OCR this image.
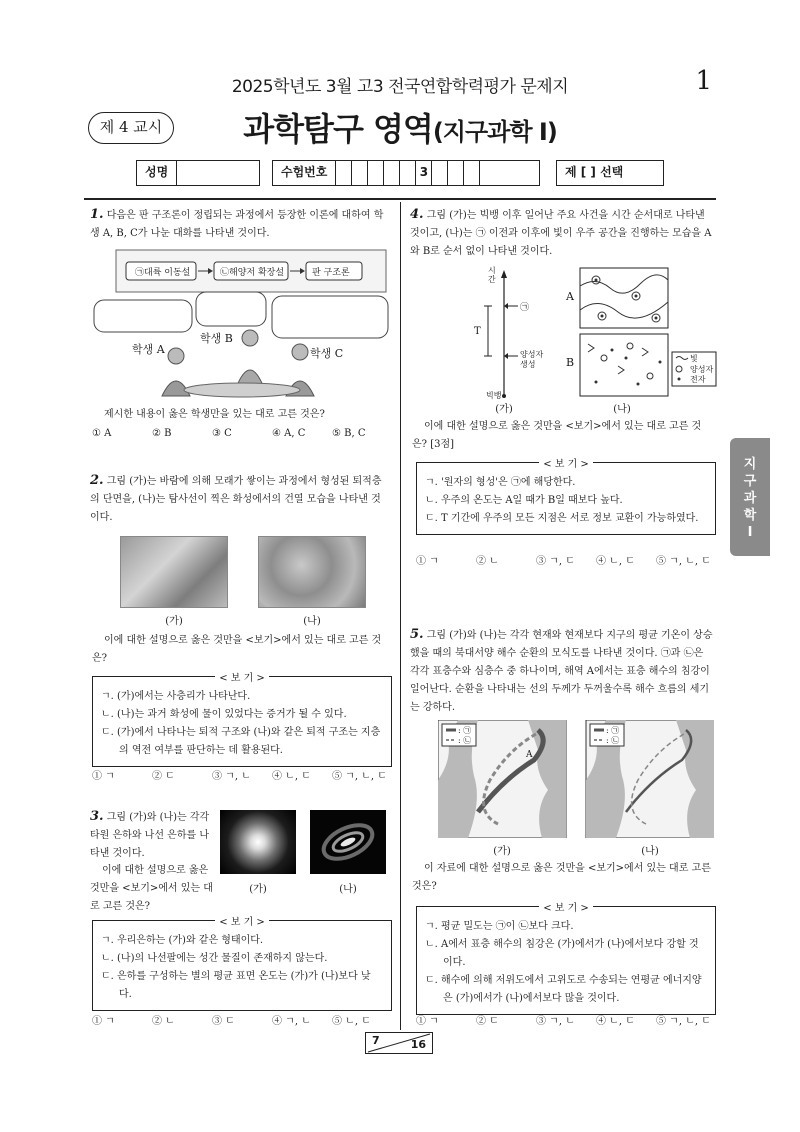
2025학년도 3월 고3 전국연합학력평가 문제지	1
제 4 교시	과학탐구 영역(지구과학 Ⅰ)
성명	수험번호	3	제 [ ] 선택
1. 다음은 판 구조론이 정립되는 과정에서 등장한 이론에 대하여 학생 A, B, C가 나눈 대화를 나타낸 것이다.
㉠대륙 이동설	㉡해양저 확장설	판 구조론
학생 A
학생 B
학생 C
제시한 내용이 옳은 학생만을 있는 대로 고른 것은?
① A	② B	③ C	④ A, C	⑤ B, C
2. 그림 (가)는 바람에 의해 모래가 쌓이는 과정에서 형성된 퇴적층의 단면을, (나)는 탐사선이 찍은 화성에서의 건열 모습을 나타낸 것이다.
(가)	(나)
이에 대한 설명으로 옳은 것만을 <보기>에서 있는 대로 고른 것은?
< 보 기 >
ㄱ. (가)에서는 사층리가 나타난다.
ㄴ. (나)는 과거 화성에 물이 있었다는 증거가 될 수 있다.
ㄷ. (가)에서 나타나는 퇴적 구조와 (나)와 같은 퇴적 구조는 지층의 역전 여부를 판단하는 데 활용된다.
① ㄱ	② ㄷ	③ ㄱ, ㄴ	④ ㄴ, ㄷ	⑤ ㄱ, ㄴ, ㄷ
3. 그림 (가)와 (나)는 각각 타원 은하와 나선 은하를 나타낸 것이다.
이에 대한 설명으로 옳은 것만을 <보기>에서 있는 대로 고른 것은?
(가)	(나)
< 보 기 >
ㄱ. 우리은하는 (가)와 같은 형태이다.
ㄴ. (나)의 나선팔에는 성간 물질이 존재하지 않는다.
ㄷ. 은하를 구성하는 별의 평균 표면 온도는 (가)가 (나)보다 낮다.
① ㄱ	② ㄴ	③ ㄷ	④ ㄱ, ㄴ	⑤ ㄴ, ㄷ
4. 그림 (가)는 빅뱅 이후 일어난 주요 사건을 시간 순서대로 나타낸 것이고, (나)는 ㉠ 이전과 이후에 빛이 우주 공간을 진행하는 모습을 A와 B로 순서 없이 나타낸 것이다.
시간
㉠
양성자 생성
T
빅뱅
A
B	빛
양성자
전자
(가)	(나)
이에 대한 설명으로 옳은 것만을 <보기>에서 있는 대로 고른 것은? [3점]
< 보 기 >
ㄱ. '원자의 형성'은 ㉠에 해당한다.
ㄴ. 우주의 온도는 A일 때가 B일 때보다 높다.
ㄷ. T 기간에 우주의 모든 지점은 서로 정보 교환이 가능하였다.
① ㄱ	② ㄴ	③ ㄱ, ㄷ	④ ㄴ, ㄷ	⑤ ㄱ, ㄴ, ㄷ
지
구
과
학
Ⅰ
5. 그림 (가)와 (나)는 각각 현재와 현재보다 지구의 평균 기온이 상승했을 때의 북대서양 해수 순환의 모식도를 나타낸 것이다. ㉠과 ㉡은 각각 표층수와 심층수 중 하나이며, 해역 A에서는 표층 해수의 침강이 일어난다. 순환을 나타내는 선의 두께가 두꺼울수록 해수 흐름의 세기는 강하다.
: ㉠
: ㉡
: ㉠
: ㉡
A
(가)	(나)
이 자료에 대한 설명으로 옳은 것만을 <보기>에서 있는 대로 고른 것은?
< 보 기 >
ㄱ. 평균 밀도는 ㉠이 ㉡보다 크다.
ㄴ. A에서 표층 해수의 침강은 (가)에서가 (나)에서보다 강할 것이다.
ㄷ. 해수에 의해 저위도에서 고위도로 수송되는 연평균 에너지양은 (가)에서가 (나)에서보다 많을 것이다.
① ㄱ	② ㄷ	③ ㄱ, ㄴ	④ ㄴ, ㄷ	⑤ ㄱ, ㄴ, ㄷ
7	16
